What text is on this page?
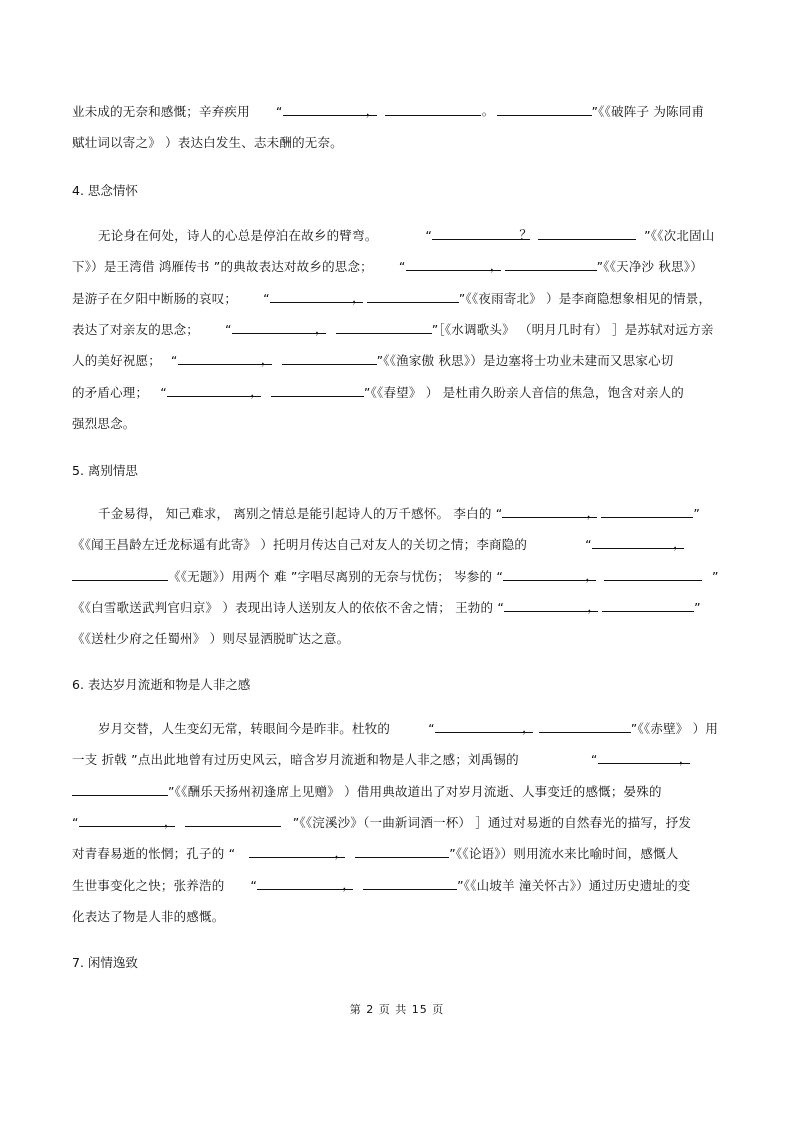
业未成的无奈和感慨；辛弃疾用 “	，	。	”《《破阵子 为陈同甫
赋壮词以寄之》 ）表达白发生、志未酬的无奈。
4. 思念情怀
无论身在何处，诗人的心总是停泊在故乡的臂弯。	“	？	”《《次北固山
下》）是王湾借 鸿雁传书 ”的典故表达对故乡的思念； “	，	”《《天净沙 秋思》）
是游子在夕阳中断肠的哀叹； “	，	”《《夜雨寄北》 ）是李商隐想象相见的情景，
表达了对亲友的思念； “	，	”［《水调歌头》 （明月几时有） ］是苏轼对远方亲
人的美好祝愿； “	，	”《《渔家傲 秋思》）是边塞将士功业未建而又思家心切
的矛盾心理； “	，	”《《春望》 ） 是杜甫久盼亲人音信的焦急，饱含对亲人的
强烈思念。
5. 离别情思
千金易得， 知己难求， 离别之情总是能引起诗人的万千感怀。 李白的 “	，	”
《《闻王昌龄左迁龙标遥有此寄》 ）托明月传达自己对友人的关切之情；李商隐的	“	，
《《无题》）用两个 难 ”字唱尽离别的无奈与忧伤； 岑参的 “	，	”
《《白雪歌送武判官归京》 ）表现出诗人送别友人的依依不舍之情； 王勃的 “	，	”
《《送杜少府之任蜀州》 ）则尽显洒脱旷达之意。
6. 表达岁月流逝和物是人非之感
岁月交替，人生变幻无常，转眼间今是昨非。杜牧的	“	，	”《《赤壁》 ）用
一支 折戟 ”点出此地曾有过历史风云，暗含岁月流逝和物是人非之感；刘禹锡的	“	，
”《《酬乐天扬州初逢席上见赠》 ）借用典故道出了对岁月流逝、人事变迁的感慨；晏殊的
“	，	”《《浣溪沙》（一曲新词酒一杯） ］通过对易逝的自然春光的描写，抒发
对青春易逝的怅惘；孔子的 “	，	”《《论语》）则用流水来比喻时间，感慨人
生世事变化之快；张养浩的 “	，	”《《山坡羊 潼关怀古》）通过历史遗址的变
化表达了物是人非的感慨。
7. 闲情逸致
第 2 页 共 15 页
